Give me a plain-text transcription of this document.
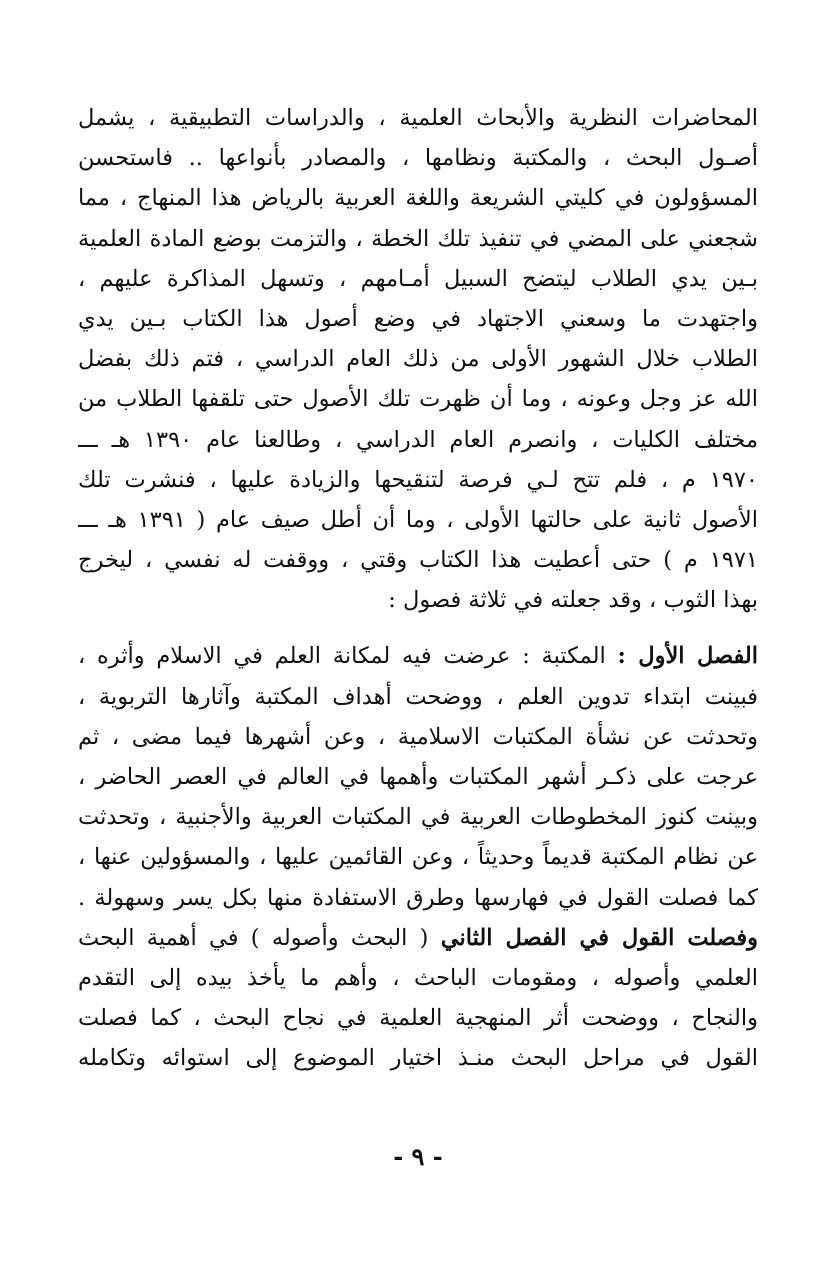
المحاضرات النظرية والأبحاث العلمية ، والدراسات التطبيقية ، يشمل
أصـول البحث ، والمكتبة ونظامها ، والمصادر بأنواعها .. فاستحسن
المسؤولون في كليتي الشريعة واللغة العربية بالرياض هذا المنهاج ، مما
شجعني على المضي في تنفيذ تلك الخطة ، والتزمت بوضع المادة العلمية
بـين يدي الطلاب ليتضح السبيل أمـامهم ، وتسهل المذاكرة عليهم ،
واجتهدت ما وسعني الاجتهاد في وضع أصول هذا الكتاب بـين يدي
الطلاب خلال الشهور الأولى من ذلك العام الدراسي ، فتم ذلك بفضل
الله عز وجل وعونه ، وما أن ظهرت تلك الأصول حتى تلقفها الطلاب من
مختلف الكليات ، وانصرم العام الدراسي ، وطالعنا عام ١٣٩٠ هـ ـــ
١٩٧٠ م ، فلم تتح لـي فرصة لتنقيحها والزيادة عليها ، فنشرت تلك
الأصول ثانية على حالتها الأولى ، وما أن أطل صيف عام ( ١٣٩١ هـ ـــ
١٩٧١ م ) حتى أعطيت هذا الكتاب وقتي ، ووقفت له نفسي ، ليخرج
بهذا الثوب ، وقد جعلته في ثلاثة فصول :
الفصل الأول : المكتبة : عرضت فيه لمكانة العلم في الاسلام وأثره ،
فبينت ابتداء تدوين العلم ، ووضحت أهداف المكتبة وآثارها التربوية ،
وتحدثت عن نشأة المكتبات الاسلامية ، وعن أشهرها فيما مضى ، ثم
عرجت على ذكـر أشهر المكتبات وأهمها في العالم في العصر الحاضر ،
وبينت كنوز المخطوطات العربية في المكتبات العربية والأجنبية ، وتحدثت
عن نظام المكتبة قديماً وحديثاً ، وعن القائمين عليها ، والمسؤولين عنها ،
كما فصلت القول في فهارسها وطرق الاستفادة منها بكل يسر وسهولة .
وفصلت القول في الفصل الثاني ( البحث وأصوله ) في أهمية البحث
العلمي وأصوله ، ومقومات الباحث ، وأهم ما يأخذ بيده إلى التقدم
والنجاح ، ووضحت أثر المنهجية العلمية في نجاح البحث ، كما فصلت
القول في مراحل البحث منـذ اختيار الموضوع إلى استوائه وتكامله
- ٩ -
